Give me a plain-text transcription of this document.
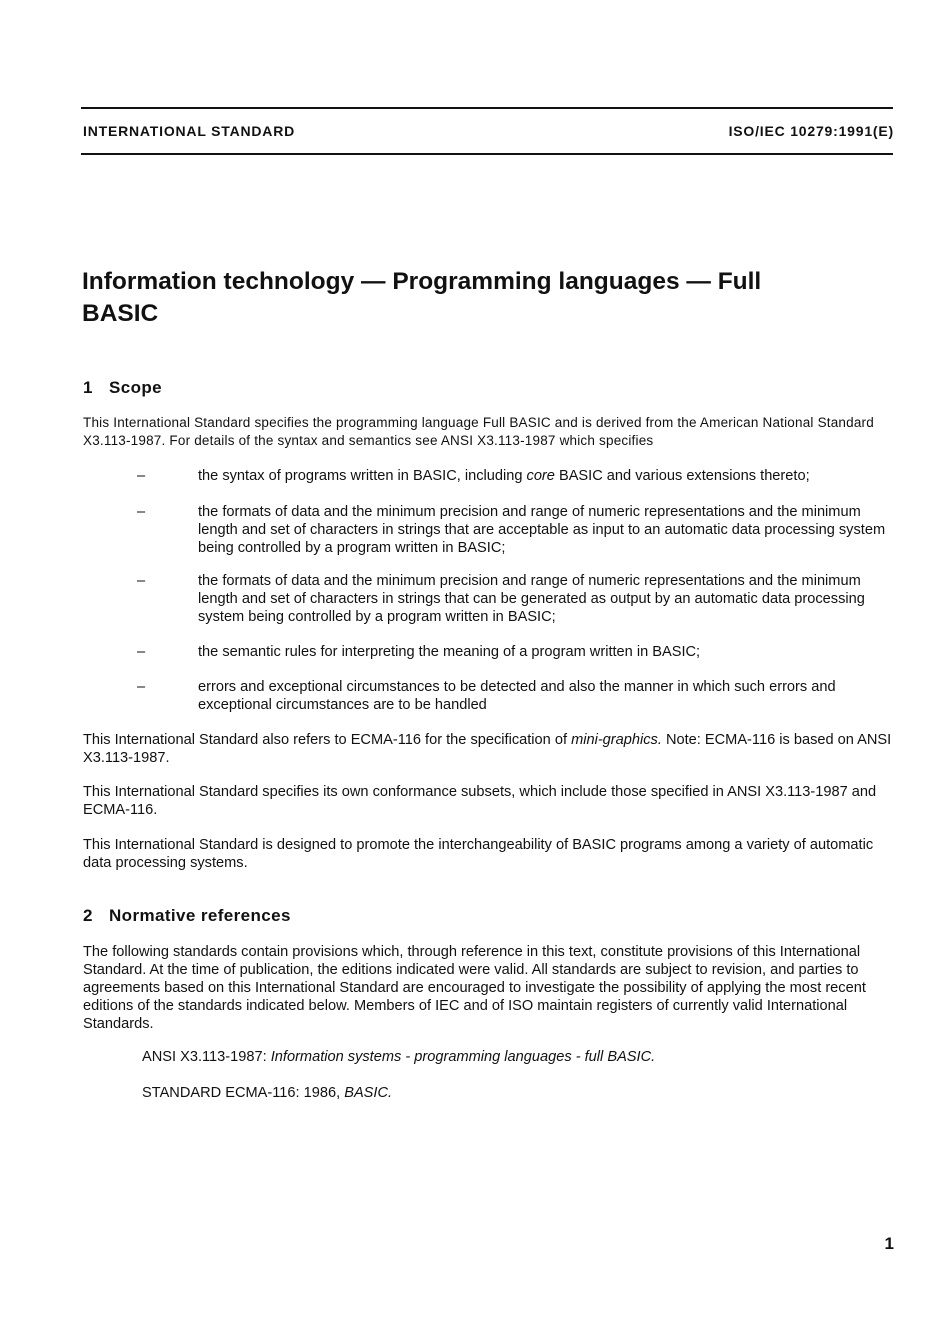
INTERNATIONAL STANDARD	ISO/IEC 10279:1991(E)
Information technology — Programming languages — Full
BASIC
1 Scope

This International Standard specifies the programming language Full BASIC and is derived from the American National Standard X3.113-1987. For details of the syntax and semantics see ANSI X3.113-1987 which specifies

–	the syntax of programs written in BASIC, including core BASIC and various extensions thereto;
–	the formats of data and the minimum precision and range of numeric representations and the minimum length and set of characters in strings that are acceptable as input to an automatic data processing system being controlled by a program written in BASIC;
–	the formats of data and the minimum precision and range of numeric representations and the minimum length and set of characters in strings that can be generated as output by an automatic data processing system being controlled by a program written in BASIC;
–	the semantic rules for interpreting the meaning of a program written in BASIC;
–	errors and exceptional circumstances to be detected and also the manner in which such errors and exceptional circumstances are to be handled

This International Standard also refers to ECMA-116 for the specification of mini-graphics. Note: ECMA-116 is based on ANSI X3.113-1987.

This International Standard specifies its own conformance subsets, which include those specified in ANSI X3.113-1987 and ECMA-116.

This International Standard is designed to promote the interchangeability of BASIC programs among a variety of automatic data processing systems.

2 Normative references

The following standards contain provisions which, through reference in this text, constitute provisions of this International Standard. At the time of publication, the editions indicated were valid. All standards are subject to revision, and parties to agreements based on this International Standard are encouraged to investigate the possibility of applying the most recent editions of the standards indicated below. Members of IEC and of ISO maintain registers of currently valid International Standards.

ANSI X3.113-1987: Information systems - programming languages - full BASIC.

STANDARD ECMA-116: 1986, BASIC.

1
